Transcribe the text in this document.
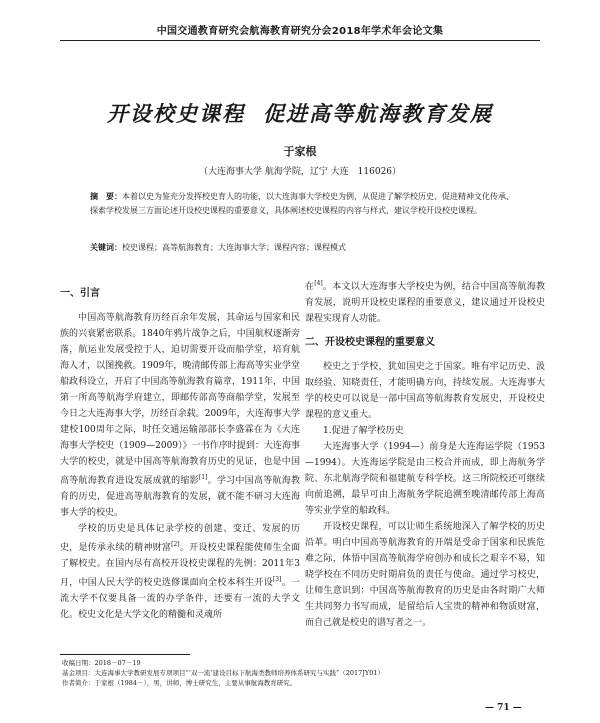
中国交通教育研究会航海教育研究分会2018年学术年会论文集
开设校史课程 促进高等航海教育发展
于家根
（大连海事大学 航海学院，辽宁 大连　116026）
摘　要：本着以史为鉴充分发挥校史育人的功能，以大连海事大学校史为例，从促进了解学校历史、促进精神文化传承、探索学校发展三方面论述开设校史课程的重要意义，具体阐述校史课程的内容与样式，建议学校开设校史课程。
关键词：校史课程；高等航海教育；大连海事大学；课程内容；课程模式
一、引言

中国高等航海教育历经百余年发展，其命运与国家和民族的兴衰紧密联系。1840年鸦片战争之后，中国航权逐渐旁落，航运业发展受控于人，迫切需要开设而船学堂，培育航海人才，以图挽救。1909年，晚清邮传部上海高等实业学堂船政科设立，开启了中国高等航海教育篇章，1911年，中国第一所高等航海学府建立，即邮传部高等商船学堂，发展至今日之大连海事大学，历经百余载。2009年，大连海事大学建校100周年之际，时任交通运输部部长李盛霖在为《大连海事大学校史（1909—2009）》一书作序时提到：大连海事大学的校史，就是中国高等航海教育历史的见证，也是中国高等航海教育进设发展成就的缩影[1]。学习中国高等航海教育的历史，促进高等航海教育的发展，就不能不研习大连海事大学的校史。

学校的历史是具体记录学校的创建、变迁、发展的历史，是传承永续的精神财富[2]。开设校史课程能使师生全面了解校史。在国内尽有高校开设校史课程的先例：2011年3月，中国人民大学的校史选修课面向全校本科生开设[3]。一流大学不仅要具备一流的办学条件，还要有一流的大学文化。校史文化是大学文化的精髓和灵魂所

在[4]。本文以大连海事大学校史为例，结合中国高等航海教育发展，说明开设校史课程的重要意义，建议通过开设校史课程实现育人功能。

二、开设校史课程的重要意义

校史之于学校，犹如国史之于国家。唯有牢记历史、汲取经验、知晓责任，才能明确方向，持续发展。大连海事大学的校史可以说是一部中国高等航海教育发展史，开设校史课程的意义重大。

1.促进了解学校历史

大连海事大学（1994—）前身是大连海运学院（1953—1994）。大连海运学院是由三校合并而成，即上海航务学院、东北航海学院和福建航专科学校。这三所院校还可继续向前追溯，最早可由上海航务学院追溯至晚清邮传部上海高等实业学堂的船政科。

开设校史课程，可以让师生系统地深入了解学校的历史沿革。明白中国高等航海教育的开端是受命于国家和民族危难之际，体悟中国高等航海学府创办和成长之艰辛不易，知晓学校在不同历史时期肩负的责任与使命。通过学习校史，让师生意识到：中国高等航海教育的历史是由各时期广大师生共同努力书写而成，是留给后人宝贵的精神和物质财富，而自己就是校史的谱写者之一。

收稿日期：2018－07－19
基金项目：大连海事大学教研发展专项项目“‘双一流’建设目标下航海类教师培养体系研究与实践”（2017JY01）
作者简介：于家根（1984－），男，讲师，博士研究生，主要从事航海教育研究。
— 71 —
